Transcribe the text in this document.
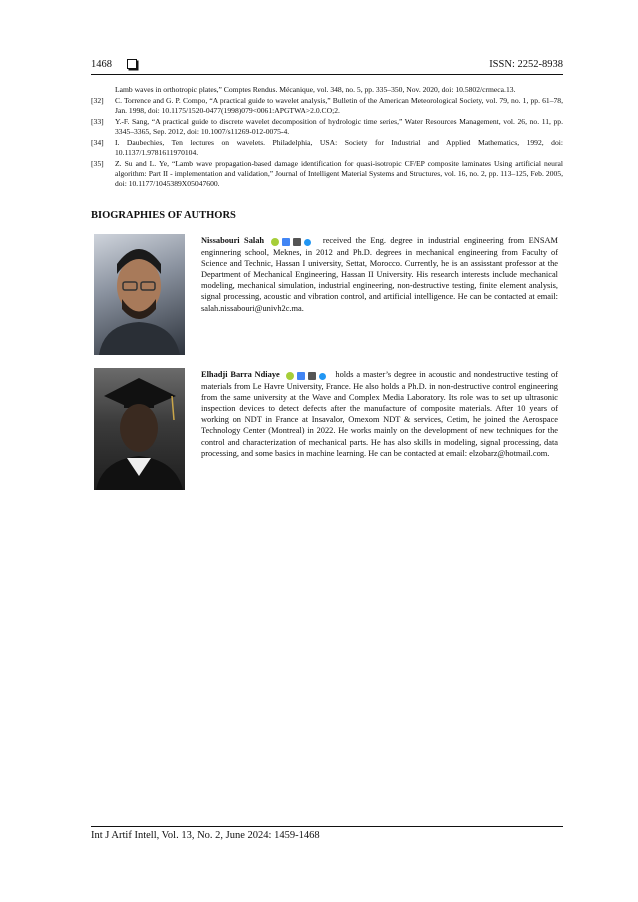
1468	ISSN: 2252-8938
Lamb waves in orthotropic plates,” Comptes Rendus. Mécanique, vol. 348, no. 5, pp. 335–350, Nov. 2020, doi: 10.5802/crmeca.13.
[32] C. Torrence and G. P. Compo, “A practical guide to wavelet analysis,” Bulletin of the American Meteorological Society, vol. 79, no. 1, pp. 61–78, Jan. 1998, doi: 10.1175/1520-0477(1998)079<0061:APGTWA>2.0.CO;2.
[33] Y.-F. Sang, “A practical guide to discrete wavelet decomposition of hydrologic time series,” Water Resources Management, vol. 26, no. 11, pp. 3345–3365, Sep. 2012, doi: 10.1007/s11269-012-0075-4.
[34] I. Daubechies, Ten lectures on wavelets. Philadelphia, USA: Society for Industrial and Applied Mathematics, 1992, doi: 10.1137/1.9781611970104.
[35] Z. Su and L. Ye, “Lamb wave propagation-based damage identification for quasi-isotropic CF/EP composite laminates Using artificial neural algorithm: Part II - implementation and validation,” Journal of Intelligent Material Systems and Structures, vol. 16, no. 2, pp. 113–125, Feb. 2005, doi: 10.1177/1045389X05047600.
BIOGRAPHIES OF AUTHORS
Nissabouri Salah	received the Eng. degree in industrial engineering from ENSAM enginnering school, Meknes, in 2012 and Ph.D. degrees in mechanical engineering from Faculty of Science and Technic, Hassan I university, Settat, Morocco. Currently, he is an assisstant professor at the Department of Mechanical Engineering, Hassan II University. His research interests include mechanical modeling, mechanical simulation, industrial engineering, non-destructive testing, finite element analysis, signal processing, acoustic and vibration control, and artificial intelligence. He can be contacted at email: salah.nissabouri@univh2c.ma.
Elhadji Barra Ndiaye	holds a master’s degree in acoustic and nondestructive testing of materials from Le Havre University, France. He also holds a Ph.D. in non-destructive control engineering from the same university at the Wave and Complex Media Laboratory. Its role was to set up ultrasonic inspection devices to detect defects after the manufacture of composite materials. After 10 years of working on NDT in France at Insavalor, Omexom NDT & services, Cetim, he joined the Aerospace Technology Center (Montreal) in 2022. He works mainly on the development of new techniques for the control and characterization of mechanical parts. He has also skills in modeling, signal processing, data processing, and some basics in machine learning. He can be contacted at email: elzobarz@hotmail.com.
Int J Artif Intell, Vol. 13, No. 2, June 2024: 1459-1468
